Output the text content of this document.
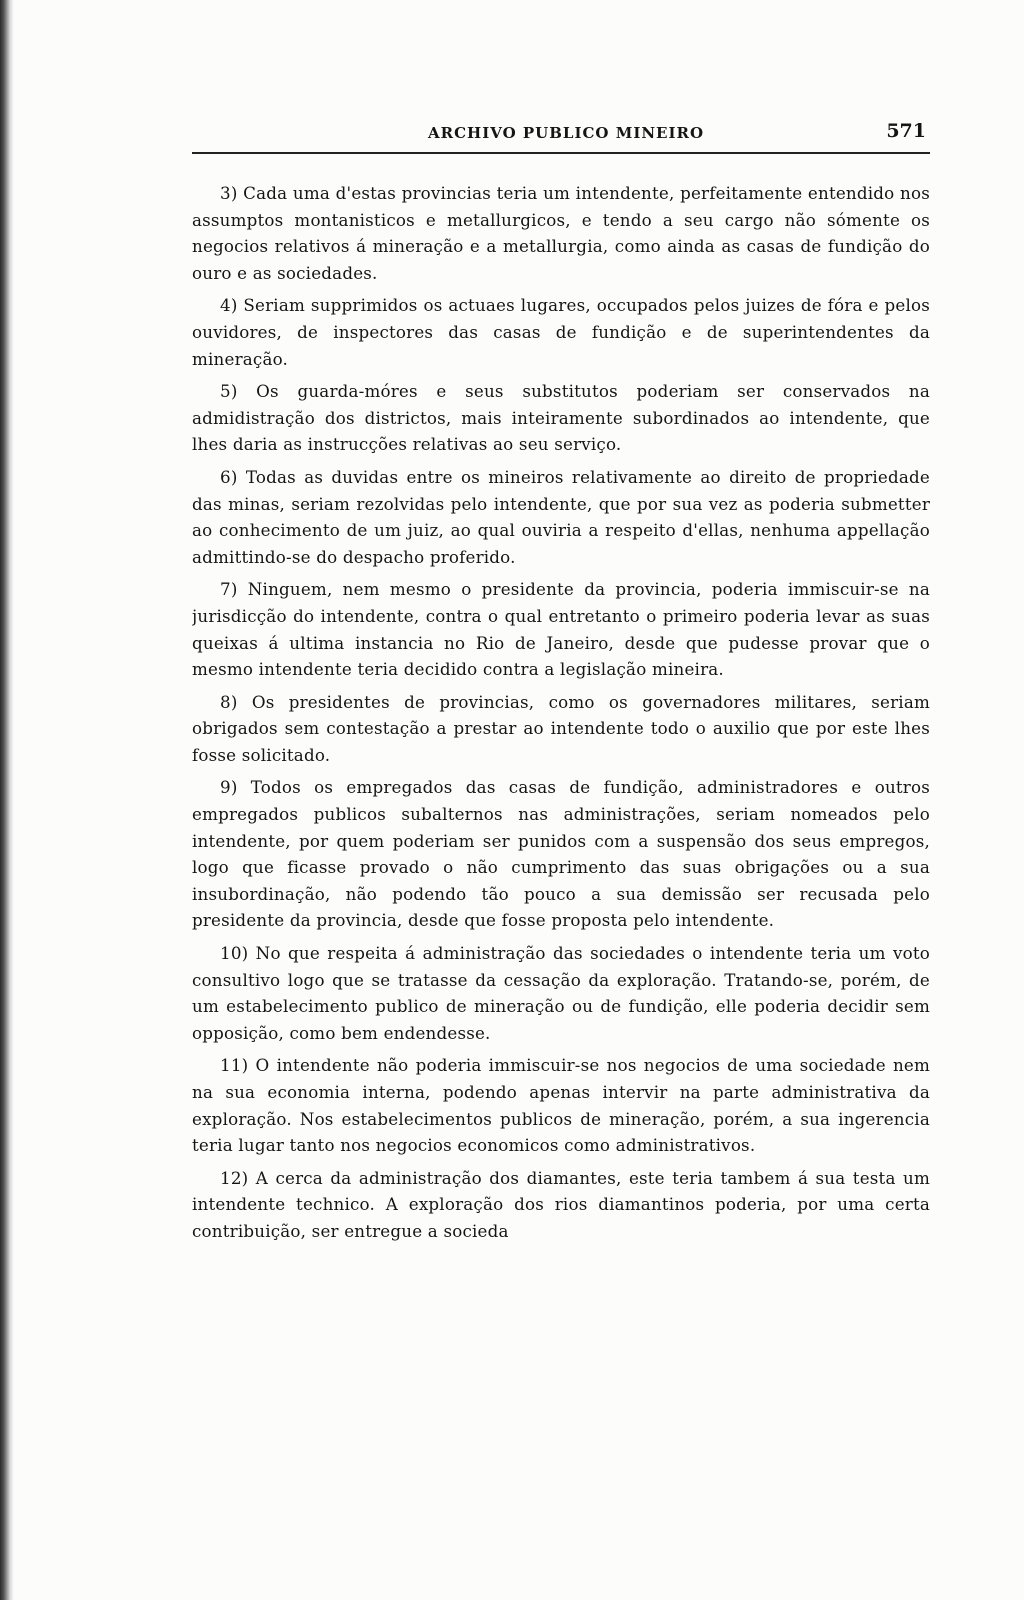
ARCHIVO PUBLICO MINEIRO	571

3) Cada uma d'estas provincias teria um intendente, perfeitamente entendido nos assumptos montanisticos e metallurgicos, e tendo a seu cargo não sómente os negocios relativos á mineração e a metallurgia, como ainda as casas de fundição do ouro e as sociedades.

4) Seriam supprimidos os actuaes lugares, occupados pelos juizes de fóra e pelos ouvidores, de inspectores das casas de fundição e de superintendentes da mineração.

5) Os guarda-móres e seus substitutos poderiam ser conservados na admidistração dos districtos, mais inteiramente subordinados ao intendente, que lhes daria as instrucções relativas ao seu serviço.

6) Todas as duvidas entre os mineiros relativamente ao direito de propriedade das minas, seriam rezolvidas pelo intendente, que por sua vez as poderia submetter ao conhecimento de um juiz, ao qual ouviria a respeito d'ellas, nenhuma appellação admittindo-se do despacho proferido.

7) Ninguem, nem mesmo o presidente da provincia, poderia immiscuir-se na jurisdicção do intendente, contra o qual entretanto o primeiro poderia levar as suas queixas á ultima instancia no Rio de Janeiro, desde que pudesse provar que o mesmo intendente teria decidido contra a legislação mineira.

8) Os presidentes de provincias, como os governadores militares, seriam obrigados sem contestação a prestar ao intendente todo o auxilio que por este lhes fosse solicitado.

9) Todos os empregados das casas de fundição, administradores e outros empregados publicos subalternos nas administrações, seriam nomeados pelo intendente, por quem poderiam ser punidos com a suspensão dos seus empregos, logo que ficasse provado o não cumprimento das suas obrigações ou a sua insubordinação, não podendo tão pouco a sua demissão ser recusada pelo presidente da provincia, desde que fosse proposta pelo intendente.

10) No que respeita á administração das sociedades o intendente teria um voto consultivo logo que se tratasse da cessação da exploração. Tratando-se, porém, de um estabelecimento publico de mineração ou de fundição, elle poderia decidir sem opposição, como bem endendesse.

11) O intendente não poderia immiscuir-se nos negocios de uma sociedade nem na sua economia interna, podendo apenas intervir na parte administrativa da exploração. Nos estabelecimentos publicos de mineração, porém, a sua ingerencia teria lugar tanto nos negocios economicos como administrativos.

12) A cerca da administração dos diamantes, este teria tambem á sua testa um intendente technico. A exploração dos rios diamantinos poderia, por uma certa contribuição, ser entregue a socieda
